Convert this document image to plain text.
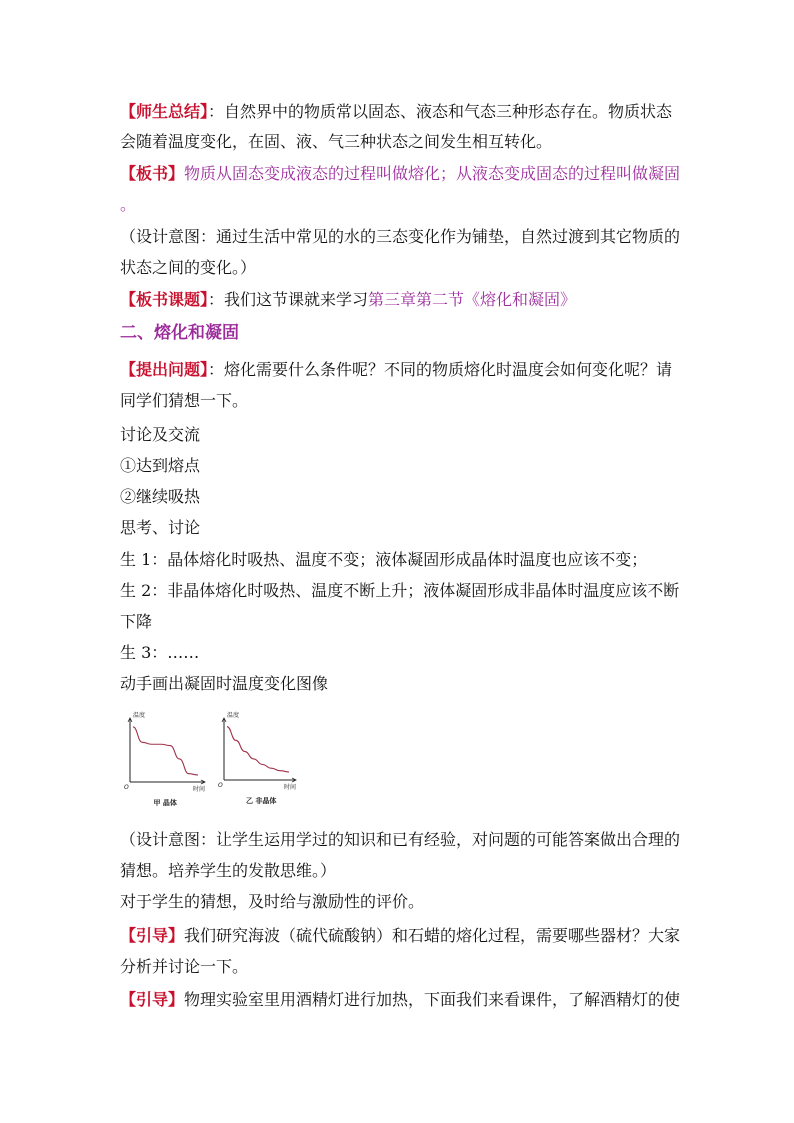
【师生总结】：自然界中的物质常以固态、液态和气态三种形态存在。物质状态
会随着温度变化，在固、液、气三种状态之间发生相互转化。
【板书】物质从固态变成液态的过程叫做熔化；从液态变成固态的过程叫做凝固
。
（设计意图：通过生活中常见的水的三态变化作为铺垫，自然过渡到其它物质的
状态之间的变化。）
【板书课题】：我们这节课就来学习第三章第二节《熔化和凝固》
二、熔化和凝固
【提出问题】：熔化需要什么条件呢？不同的物质熔化时温度会如何变化呢？请
同学们猜想一下。
讨论及交流
①达到熔点
②继续吸热
思考、讨论
生 1：晶体熔化时吸热、温度不变；液体凝固形成晶体时温度也应该不变；
生 2：非晶体熔化时吸热、温度不断上升；液体凝固形成非晶体时温度应该不断
下降
生 3：……
动手画出凝固时温度变化图像
温度
时间
O
甲 晶体
温度
时间
O
乙 非晶体
（设计意图：让学生运用学过的知识和已有经验，对问题的可能答案做出合理的
猜想。培养学生的发散思维。）
对于学生的猜想，及时给与激励性的评价。
【引导】我们研究海波（硫代硫酸钠）和石蜡的熔化过程，需要哪些器材？大家
分析并讨论一下。
【引导】物理实验室里用酒精灯进行加热，下面我们来看课件，了解酒精灯的使
